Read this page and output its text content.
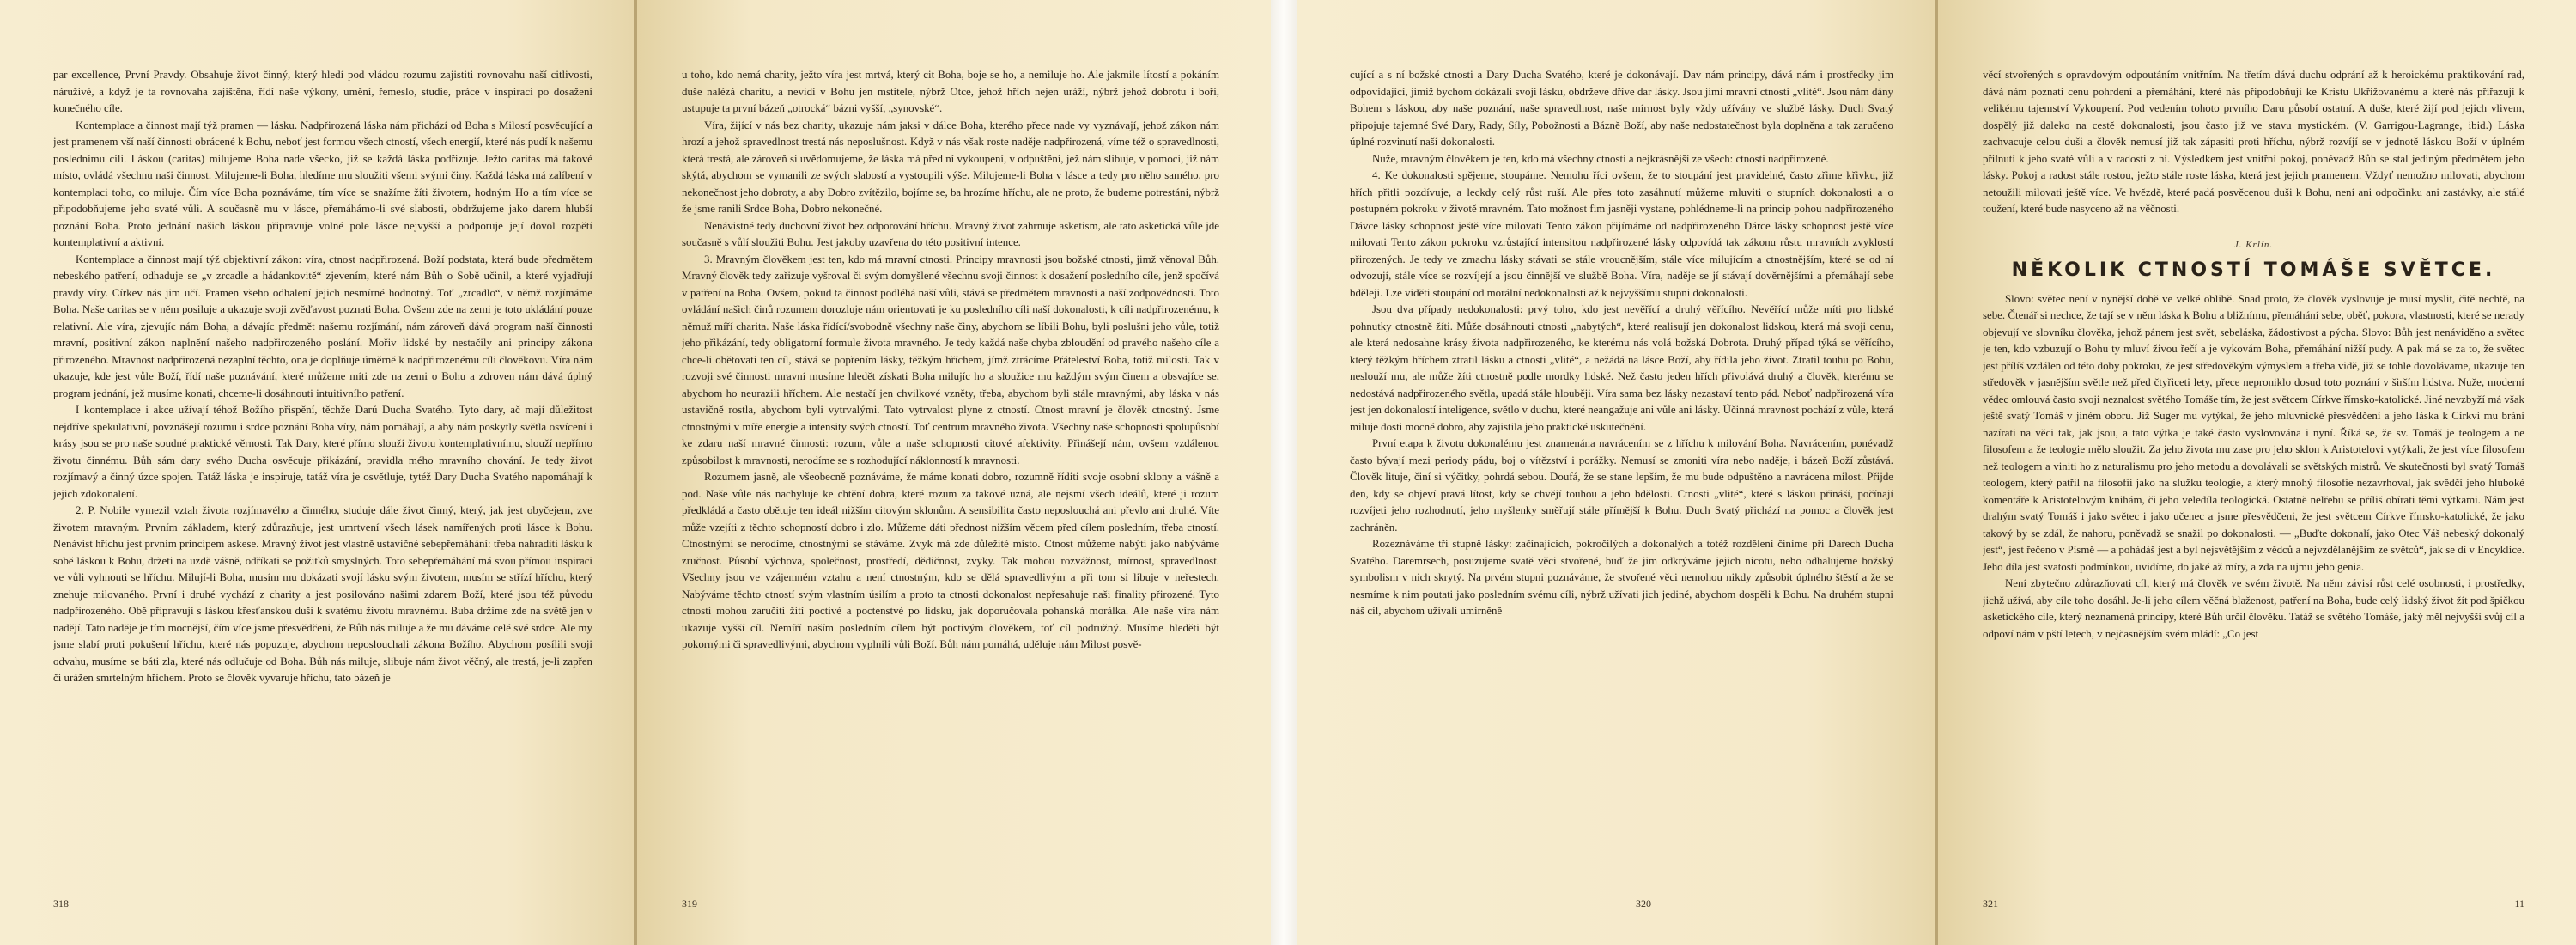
par excellence, První Pravdy. Obsahuje život činný, který hledí pod vládou rozumu zajistiti rovnovahu naší citlivosti, náruživé, a když je ta rovnovaha zajištěna, řídí naše výkony, umění, řemeslo, studie, práce v inspiraci po dosažení konečného cíle.

Kontemplace a činnost mají týž pramen — lásku. Nadpřirozená láska nám přichází od Boha s Milostí posvěcující a jest pramenem vší naší činnosti obrácené k Bohu, neboť jest formou všech ctností, všech energií, které nás pudí k našemu poslednímu cíli. Láskou (caritas) milujeme Boha nade všecko, již se každá láska podřizuje. Ježto caritas má takové místo, ovládá všechnu naši činnost. Milujeme-li Boha, hledíme mu sloužiti všemi svými činy. Každá láska má zalíbení v kontemplaci toho, co miluje. Čím více Boha poznáváme, tím více se snažíme žíti životem, hodným Ho a tím více se připodobňujeme jeho svaté vůli. A současně mu v lásce, přemáhámo-li své slabosti, obdržujeme jako darem hlubší poznání Boha. Proto jednání našich láskou připravuje volné pole lásce nejvyšší a podporuje její dovol rozpětí kontemplativní a aktivní.

Kontemplace a činnost mají týž objektivní zákon: víra, ctnost nadpřirozená. Boží podstata, která bude předmětem nebeského patření, odhaduje se „v zrcadle a hádankovitě“ zjevením, které nám Bůh o Sobě učinil, a které vyjadřují pravdy víry. Církev nás jim učí. Pramen všeho odhalení jejich nesmírné hodnotný. Toť „zrcadlo“, v němž rozjímáme Boha. Naše caritas se v něm posiluje a ukazuje svoji zvěďavost poznati Boha. Ovšem zde na zemi je toto ukládání pouze relativní. Ale víra, zjevujíc nám Boha, a dávajíc předmět našemu rozjímání, nám zároveň dává program naší činnosti mravní, positivní zákon naplnění našeho nadpřirozeného poslání. Mořiv lidské by nestačily ani principy zákona přirozeného. Mravnost nadpřirozená nezaplní těchto, ona je doplňuje úměrně k nadpřirozenému cíli člověkovu. Víra nám ukazuje, kde jest vůle Boží, řídí naše poznávání, které můžeme míti zde na zemi o Bohu a zdroven nám dává úplný program jednání, jež musíme konati, chceme-li dosáhnouti intuitivního patření.

I kontemplace i akce užívají téhož Božího přispění, těchže Darů Ducha Svatého. Tyto dary, ač mají důležitost nejdříve spekulativní, povznášejí rozumu i srdce poznání Boha víry, nám pomáhají, a aby nám poskytly světla osvícení i krásy jsou se pro naše soudné praktické věrnosti. Tak Dary, které přímo slouží životu kontemplativnímu, slouží nepřímo životu činnému. Bůh sám dary svého Ducha osvěcuje přikázání, pravidla mého mravního chování. Je tedy život rozjímavý a činný úzce spojen. Tatáž láska je inspiruje, tatáž víra je osvětluje, tytéž Dary Ducha Svatého napomáhají k jejich zdokonalení.

2. P. Nobile vymezil vztah života rozjímavého a činného, studuje dále život činný, který, jak jest obyčejem, zve životem mravným. Prvním základem, který zdůrazňuje, jest umrtvení všech lásek namířených proti lásce k Bohu. Nenávist hříchu jest prvním principem askese. Mravný život jest vlastně ustavičné sebepřemáhání: třeba nahraditi lásku k sobě láskou k Bohu, držeti na uzdě vášně, odříkati se požitků smyslných. Toto sebepřemáhání má svou přímou inspiraci ve vůli vyhnouti se hříchu. Milují-li Boha, musím mu dokázati svojí lásku svým životem, musím se střízí hříchu, který znehuje milovaného. První i druhé vychází z charity a jest posilováno našimi zdarem Boží, které jsou též původu nadpřirozeného. Obě připravují s láskou křesťanskou duši k svatému životu mravnému. Buba držíme zde na světě jen v nadějí. Tato naděje je tím mocnější, čím více jsme přesvědčeni, že Bůh nás miluje a že mu dáváme celé své srdce. Ale my jsme slabí proti pokušení hříchu, které nás popuzuje, abychom neposlouchali zákona Božího. Abychom posílili svoji odvahu, musíme se báti zla, které nás odlučuje od Boha. Bůh nás miluje, slibuje nám život věčný, ale trestá, je-li zapřen či urážen smrtelným hříchem. Proto se člověk vyvaruje hříchu, tato bázeň je

318

u toho, kdo nemá charity, ježto víra jest mrtvá, který cit Boha, boje se ho, a nemiluje ho. Ale jakmile lítostí a pokáním duše nalézá charitu, a nevidí v Bohu jen mstitele, nýbrž Otce, jehož hřích nejen uráží, nýbrž jehož dobrotu i boří, ustupuje ta první bázeň „otrocká“ bázni vyšší, „synovské“.

Víra, žijící v nás bez charity, ukazuje nám jaksi v dálce Boha, kterého přece nade vy vyznávají, jehož zákon nám hrozí a jehož spravedlnost trestá nás neposlušnost. Když v nás však roste naděje nadpřirozená, víme též o spravedlnosti, která trestá, ale zároveň si uvědomujeme, že láska má před ní vykoupení, v odpuštění, jež nám slibuje, v pomoci, jíž nám skýtá, abychom se vymanili ze svých slabostí a vystoupili výše. Milujeme-li Boha v lásce a tedy pro něho samého, pro nekonečnost jeho dobroty, a aby Dobro zvítězilo, bojíme se, ba hrozíme hříchu, ale ne proto, že budeme potrestáni, nýbrž že jsme ranili Srdce Boha, Dobro nekonečné.

Nenávistné tedy duchovní život bez odporování hříchu. Mravný život zahrnuje asketism, ale tato asketická vůle jde současně s vůlí sloužiti Bohu. Jest jakoby uzavřena do této positivní intence.

3. Mravným člověkem jest ten, kdo má mravní ctnosti. Principy mravnosti jsou božské ctnosti, jimž věnoval Bůh. Mravný člověk tedy zařizuje vyšroval či svým domyšlené všechnu svoji činnost k dosažení posledního cíle, jenž spočívá v patření na Boha. Ovšem, pokud ta činnost podléhá naší vůli, stává se předmětem mravnosti a naší zodpovědnosti. Toto ovládání našich činů rozumem dorozluje nám orientovati je ku posledního cíli naší dokonalosti, k cíli nadpřirozenému, k němuž míří charita. Naše láska řídící/svobodně všechny naše činy, abychom se líbili Bohu, byli poslušni jeho vůle, totiž jeho přikázání, tedy obligatorní formule života mravného. Je tedy každá naše chyba zbloudění od pravého našeho cíle a chce-li obětovati ten cíl, stává se popřením lásky, těžkým hříchem, jímž ztrácíme Přáteleství Boha, totiž milosti. Tak v rozvoji své činnosti mravní musíme hledět získati Boha milujíc ho a sloužice mu každým svým činem a obsvajíce se, abychom ho neurazili hříchem. Ale nestačí jen chvilkové vzněty, třeba, abychom byli stále mravnými, aby láska v nás ustavičně rostla, abychom byli vytrvalými. Tato vytrvalost plyne z ctností. Ctnost mravní je člověk ctnostný. Jsme ctnostnými v míře energie a intensity svých ctností. Toť centrum mravného života. Všechny naše schopnosti spolupůsobí ke zdaru naší mravné činnosti: rozum, vůle a naše schopnosti citové afektivity. Přinášejí nám, ovšem vzdálenou způsobilost k mravnosti, nerodíme se s rozhodující náklonností k mravnosti.

Rozumem jasně, ale všeobecně poznáváme, že máme konati dobro, rozumně říditi svoje osobní sklony a vášně a pod. Naše vůle nás nachyluje ke chtění dobra, které rozum za takové uzná, ale nejsmí všech ideálů, které ji rozum předkládá a často obětuje ten ideál nižším citovým sklonům. A sensibilita často neposlouchá ani převlo ani druhé. Víte může vzejíti z těchto schopností dobro i zlo. Můžeme dáti přednost nižším věcem před cílem posledním, třeba ctností. Ctnostnými se nerodíme, ctnostnými se stáváme. Zvyk má zde důležité místo. Ctnost můžeme nabýti jako nabýváme zručnost. Působí výchova, společnost, prostředí, dědičnost, zvyky. Tak mohou rozvážnost, mírnost, spravedlnost. Všechny jsou ve vzájemném vztahu a není ctnostným, kdo se dělá spravedlivým a při tom si libuje v neřestech. Nabýváme těchto ctností svým vlastním úsilím a proto ta ctnosti dokonalost nepřesahuje naši finality přirozené. Tyto ctnosti mohou zaručiti žití poctivé a poctenstvé po lidsku, jak doporučovala pohanská morálka. Ale naše víra nám ukazuje vyšší cíl. Nemíří naším posledním cílem být poctivým člověkem, toť cíl podružný. Musíme hleděti být pokornými či spravedlivými, abychom vyplnili vůli Boží. Bůh nám pomáhá, uděluje nám Milost posvě-

319

cující a s ní božské ctnosti a Dary Ducha Svatého, které je dokonávají. Dav nám principy, dává nám i prostředky jim odpovídající, jimiž bychom dokázali svoji lásku, obdrževe dříve dar lásky. Jsou jimi mravní ctnosti „vlité“. Jsou nám dány Bohem s láskou, aby naše poznání, naše spravedlnost, naše mírnost byly vždy užívány ve službě lásky. Duch Svatý připojuje tajemné Své Dary, Rady, Síly, Pobožnosti a Bázně Boží, aby naše nedostatečnost byla doplněna a tak zaručeno úplné rozvinutí naší dokonalosti.

Nuže, mravným člověkem je ten, kdo má všechny ctnosti a nejkrásnější ze všech: ctnosti nadpřirozené.

4. Ke dokonalosti spějeme, stoupáme. Nemohu říci ovšem, že to stoupání jest pravidelné, často zřime křivku, již hřích přitli pozdívuje, a leckdy celý růst ruší. Ale přes toto zasáhnutí můžeme mluviti o stupních dokonalosti a o postupném pokroku v životě mravném. Tato možnost fim jasněji vystane, pohlédneme-li na princip pohou nadpřirozeného Dávce lásky schopnost ještě více milovati Tento zákon přijímáme od nadpřirozeného Dárce lásky schopnost ještě více milovati Tento zákon pokroku vzrůstající intensitou nadpřirozené lásky odpovídá tak zákonu růstu mravních zvyklostí přirozených. Je tedy ve zmachu lásky stávati se stále vroucnějším, stále více milujícím a ctnostnějším, které se od ní odvozují, stále více se rozvíjejí a jsou činnější ve službě Boha. Víra, naděje se jí stávají dověrnějšími a přemáhají sebe bděleji. Lze viděti stoupání od morální nedokonalosti až k nejvyššímu stupni dokonalosti.

Jsou dva případy nedokonalosti: prvý toho, kdo jest nevěřící a druhý věřícího. Nevěřící může míti pro lidské pohnutky ctnostně žíti. Může dosáhnouti ctnosti „nabytých“, které realisují jen dokonalost lidskou, která má svoji cenu, ale která nedosahne krásy života nadpřirozeného, ke kterému nás volá božská Dobrota. Druhý případ týká se věřícího, který těžkým hříchem ztratil lásku a ctnosti „vlité“, a nežádá na lásce Boží, aby řídila jeho život. Ztratil touhu po Bohu, neslouží mu, ale může žíti ctnostně podle mordky lidské. Než často jeden hřích přivolává druhý a člověk, kterému se nedostává nadpřirozeného světla, upadá stále hlouběji. Víra sama bez lásky nezastaví tento pád. Neboť nadpřirozená víra jest jen dokonalostí inteligence, světlo v duchu, které neangažuje ani vůle ani lásky. Účinná mravnost pochází z vůle, která miluje dosti mocné dobro, aby zajistila jeho praktické uskutečnění.

První etapa k životu dokonalému jest znamenána navrácením se z hříchu k milování Boha. Navrácením, ponévadž často bývají mezi periody pádu, boj o vítězství i porážky. Nemusí se zmoniti víra nebo naděje, i bázeň Boží zůstává. Člověk lituje, činí si výčitky, pohrdá sebou. Doufá, že se stane lepším, že mu bude odpuštěno a navrácena milost. Přijde den, kdy se objeví pravá lítost, kdy se chvějí touhou a jeho bdělosti. Ctnosti „vlité“, které s láskou přináší, počínají rozvíjeti jeho rozhodnutí, jeho myšlenky směřují stále přímější k Bohu. Duch Svatý přichází na pomoc a člověk jest zachráněn.

Rozeznáváme tři stupně lásky: začínajících, pokročilých a dokonalých a totéž rozdělení činíme při Darech Ducha Svatého. Daremrsech, posuzujeme svatě věci stvořené, buď že jim odkrýváme jejich nicotu, nebo odhalujeme božský symbolism v nich skrytý. Na prvém stupni poznáváme, že stvořené věci nemohou nikdy způsobit úplného štěstí a že se nesmíme k nim poutati jako posledním svému cíli, nýbrž užívati jich jediné, abychom dospěli k Bohu. Na druhém stupni náš cíl, abychom užívali umírněně

320

věcí stvořených s opravdovým odpoutáním vnitřním. Na třetím dává duchu odprání až k heroickému praktikování rad, dává nám poznati cenu pohrdení a přemáhání, které nás připodobňují ke Kristu Ukřižovanému a které nás přiřazují k velikému tajemství Vykoupení. Pod vedením tohoto prvního Daru působí ostatní. A duše, které žijí pod jejich vlivem, dospělý již daleko na cestě dokonalosti, jsou často již ve stavu mystickém. (V. Garrigou-Lagrange, ibid.) Láska zachvacuje celou duši a člověk nemusí již tak zápasiti proti hříchu, nýbrž rozvíjí se v jednotě láskou Boží v úplném přilnutí k jeho svaté vůli a v radosti z ní. Výsledkem jest vnitřní pokoj, ponévadž Bůh se stal jediným předmětem jeho lásky. Pokoj a radost stále rostou, ježto stále roste láska, která jest jejich pramenem. Vždyť nemožno milovati, abychom netoužili milovati ještě více. Ve hvězdě, které padá posvěcenou duši k Bohu, není ani odpočinku ani zastávky, ale stálé toužení, které bude nasyceno až na věčnosti.

J. Krlín.
NĚKOLIK CTNOSTÍ TOMÁŠE SVĚTCE.

Slovo: světec není v nynější době ve velké oblibě. Snad proto, že člověk vyslovuje je musí myslit, čitě nechtě, na sebe. Čtenář si nechce, že tají se v něm láska k Bohu a bližnímu, přemáhání sebe, oběť, pokora, vlastnosti, které se nerady objevují ve slovníku člověka, jehož pánem jest svět, sebeláska, žádostivost a pýcha. Slovo: Bůh jest nenáviděno a světec je ten, kdo vzbuzují o Bohu ty mluví živou řečí a je vykovám Boha, přemáhání nižší pudy. A pak má se za to, že světec jest přílíš vzdálen od této doby pokroku, že jest středověkým výmyslem a třeba vidě, již se tohle dovolávame, ukazuje ten středověk v jasnějším světle než před čtyřiceti lety, přece neproniklo dosud toto poznání v širším lidstva. Nuže, moderní vědec omlouvá často svoji neznalost světého Tomáše tím, že jest světcem Církve římsko-katolické. Jiné nevzbyží má však ještě svatý Tomáš v jiném oboru. Již Suger mu vytýkal, že jeho mluvnické přesvědčení a jeho láska k Církvi mu brání nazírati na věci tak, jak jsou, a tato výtka je také často vyslovována i nyní. Říká se, že sv. Tomáš je teologem a ne filosofem a že teologie mělo sloužit. Za jeho života mu zase pro jeho sklon k Aristotelovi vytýkali, že jest více filosofem než teologem a viniti ho z naturalismu pro jeho metodu a dovolávali se světských mistrů. Ve skutečnosti byl svatý Tomáš teologem, který patřil na filosofii jako na služku teologie, a který mnohý filosofie nezavrhoval, jak svědčí jeho hluboké komentáře k Aristotelovým knihám, či jeho veledíla teologická. Ostatně nelřebu se příliš obírati těmi výtkami. Nám jest drahým svatý Tomáš i jako světec i jako učenec a jsme přesvědčeni, že jest světcem Církve římsko-katolické, že jako takový by se zdál, že nahoru, poněvadž se snažil po dokonalosti. — „Buďte dokonalí, jako Otec Váš nebeský dokonalý jest“, jest řečeno v Písmě — a pohádáš jest a byl nejsvětějším z vědců a nejvzdělanějším ze světců“, jak se dí v Encyklice. Jeho díla jest svatosti podmínkou, uvidíme, do jaké až míry, a zda na ujmu jeho genia.

Není zbytečno zdůrazňovati cíl, který má člověk ve svém životě. Na něm závisí růst celé osobnosti, i prostředky, jichž užívá, aby cíle toho dosáhl. Je-li jeho cílem věčná blaženost, patření na Boha, bude celý lidský život žít pod špičkou asketického cíle, který neznamená principy, které Bůh určil člověku. Tatáž se světého Tomáše, jaký měl nejvyšší svůj cíl a odpoví nám v pští letech, v nejčasnějším svém mládí: „Co jest

321	11
